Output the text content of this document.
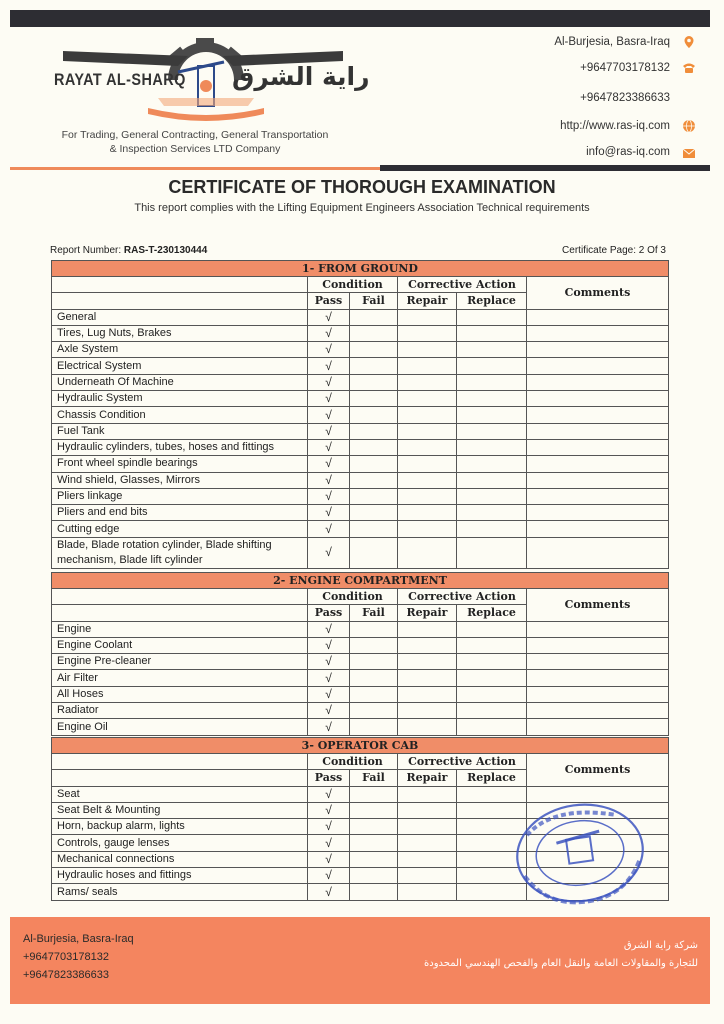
RAYAT AL-SHARQ راية الشرق
For Trading, General Contracting, General Transportation
& Inspection Services LTD Company
Al-Burjesia, Basra-Iraq
+9647703178132
+9647823386633
http://www.ras-iq.com
info@ras-iq.com
CERTIFICATE OF THOROUGH EXAMINATION
This report complies with the Lifting Equipment Engineers Association Technical requirements
Report Number: RAS-T-230130444	Certificate Page: 2 Of 3
1- FROM GROUND					
	Condition		Corrective Action		Comments
	Pass	Fail	Repair	Replace	
General	√				
Tires, Lug Nuts, Brakes	√				
Axle System	√				
Electrical System	√				
Underneath Of Machine	√				
Hydraulic System	√				
Chassis Condition	√				
Fuel Tank	√				
Hydraulic cylinders, tubes, hoses and fittings	√				
Front wheel spindle bearings	√				
Wind shield, Glasses, Mirrors	√				
Pliers linkage	√				
Pliers and end bits	√				
Cutting edge	√				
Blade, Blade rotation cylinder, Blade shifting mechanism, Blade lift cylinder	√				
2- ENGINE COMPARTMENT					
	Condition		Corrective Action		Comments
	Pass	Fail	Repair	Replace	
Engine	√				
Engine Coolant	√				
Engine Pre-cleaner	√				
Air Filter	√				
All Hoses	√				
Radiator	√				
Engine Oil	√				
3- OPERATOR CAB					
	Condition		Corrective Action		Comments
	Pass	Fail	Repair	Replace	
Seat	√				
Seat Belt & Mounting	√				
Horn, backup alarm, lights	√				
Controls, gauge lenses	√				
Mechanical connections	√				
Hydraulic hoses and fittings	√				
Rams/ seals	√				
Al-Burjesia, Basra-Iraq
+9647703178132
+9647823386633
شركة راية الشرق
للتجارة والمقاولات العامة والنقل العام والفحص الهندسي المحدودة
